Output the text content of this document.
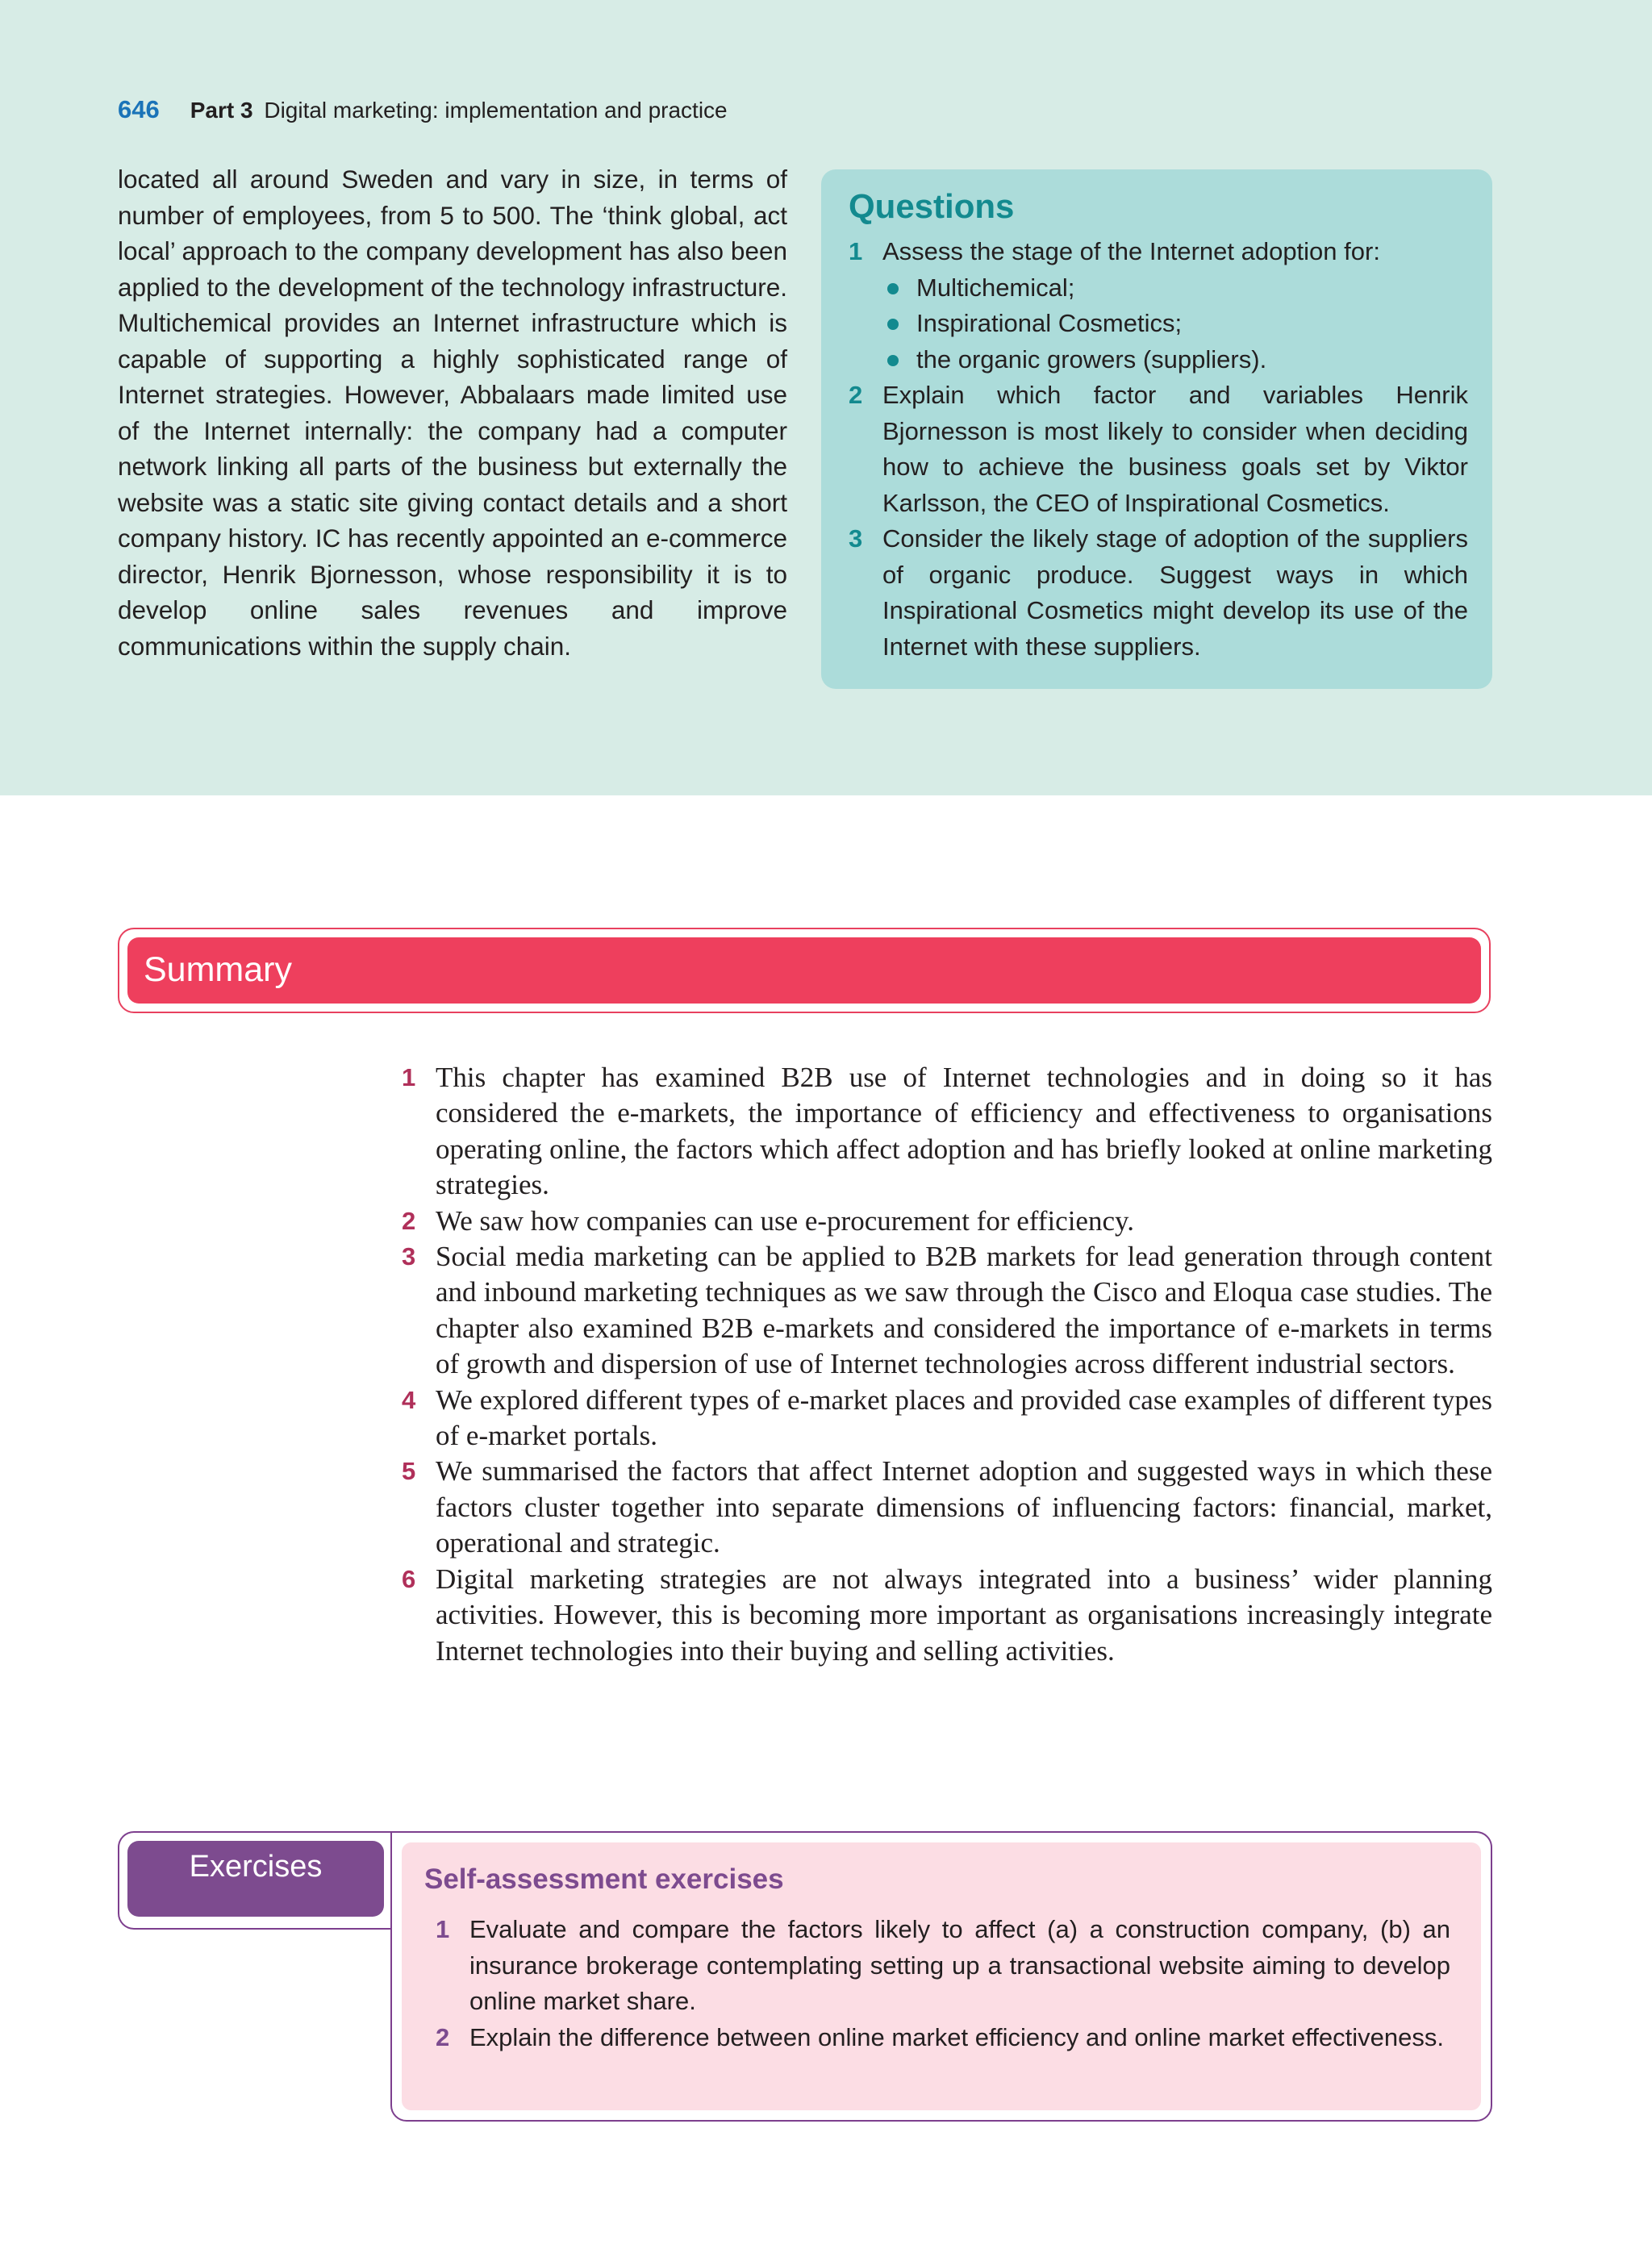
646 Part 3 Digital marketing: implementation and practice

located all around Sweden and vary in size, in terms of number of employees, from 5 to 500. The ‘think global, act local’ approach to the company development has also been applied to the development of the technology infrastructure. Multichemical provides an Internet infrastructure which is capable of supporting a highly sophisticated range of Internet strategies. However, Abbalaars made limited use of the Internet internally: the company had a computer network linking all parts of the business but externally the website was a static site giving contact details and a short company history. IC has recently appointed an e-commerce director, Henrik Bjornesson, whose responsibility it is to develop online sales revenues and improve communications within the supply chain.

Questions
1 Assess the stage of the Internet adoption for:
Multichemical;
Inspirational Cosmetics;
the organic growers (suppliers).
2 Explain which factor and variables Henrik Bjornesson is most likely to consider when deciding how to achieve the business goals set by Viktor Karlsson, the CEO of Inspirational Cosmetics.
3 Consider the likely stage of adoption of the suppliers of organic produce. Suggest ways in which Inspirational Cosmetics might develop its use of the Internet with these suppliers.
Summary
1 This chapter has examined B2B use of Internet technologies and in doing so it has considered the e-markets, the importance of efficiency and effectiveness to organisations operating online, the factors which affect adoption and has briefly looked at online marketing strategies.
2 We saw how companies can use e-procurement for efficiency.
3 Social media marketing can be applied to B2B markets for lead generation through content and inbound marketing techniques as we saw through the Cisco and Eloqua case studies. The chapter also examined B2B e-markets and considered the importance of e-markets in terms of growth and dispersion of use of Internet technologies across different industrial sectors.
4 We explored different types of e-market places and provided case examples of different types of e-market portals.
5 We summarised the factors that affect Internet adoption and suggested ways in which these factors cluster together into separate dimensions of influencing factors: financial, market, operational and strategic.
6 Digital marketing strategies are not always integrated into a business’ wider planning activities. However, this is becoming more important as organisations increasingly integrate Internet technologies into their buying and selling activities.
Exercises	Self-assessment exercises
1 Evaluate and compare the factors likely to affect (a) a construction company, (b) an insurance brokerage contemplating setting up a transactional website aiming to develop online market share.
2 Explain the difference between online market efficiency and online market effectiveness.
